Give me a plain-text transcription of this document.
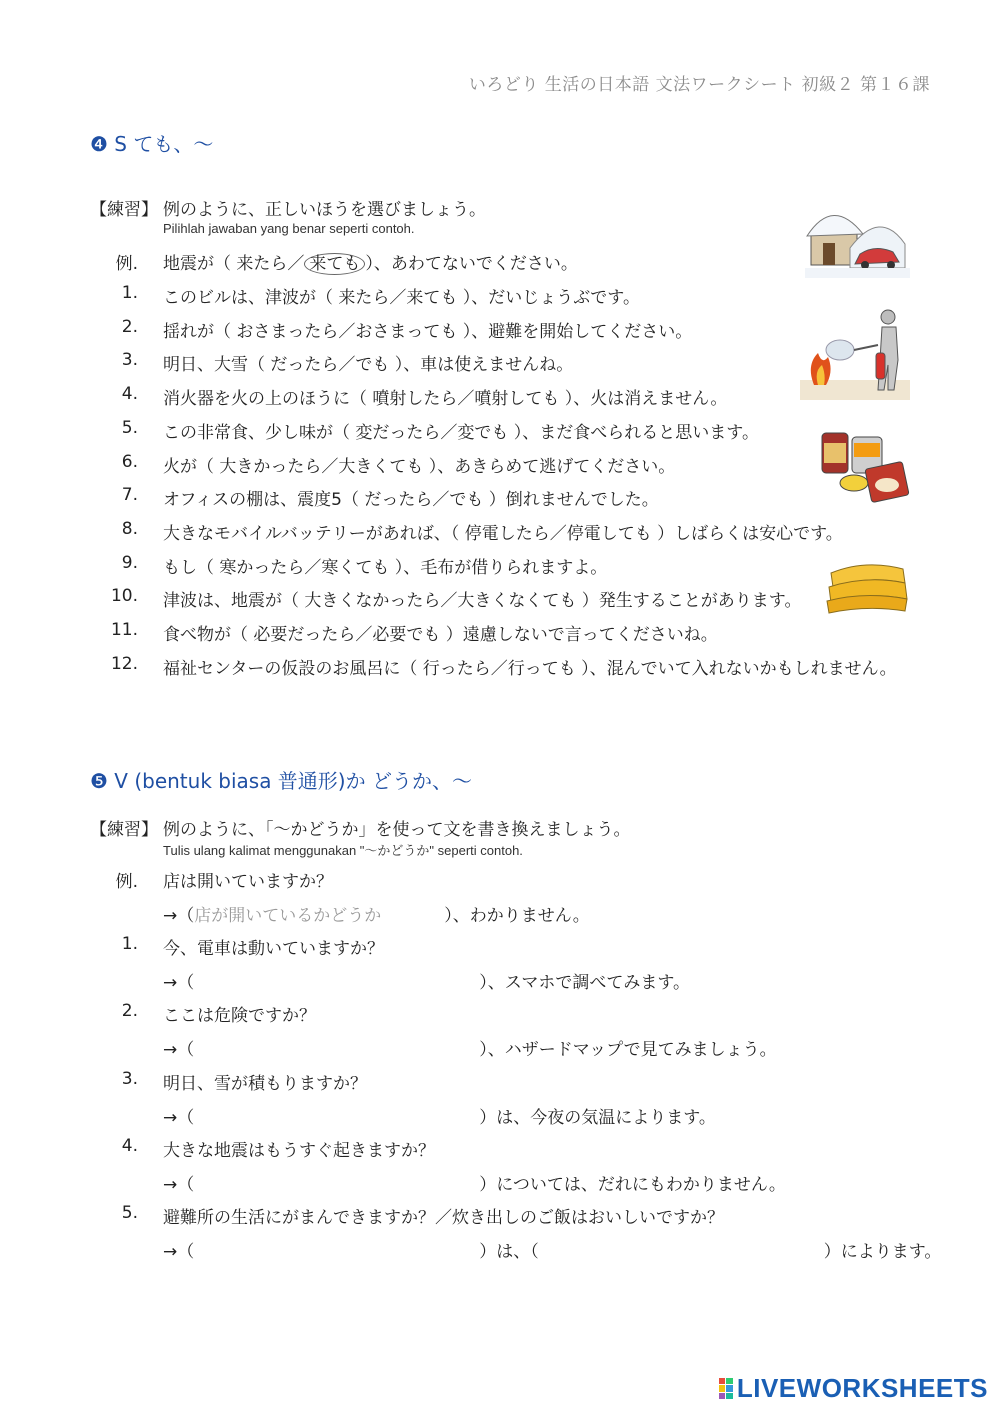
いろどり 生活の日本語 文法ワークシート 初級２ 第１６課
❹ S ても、～
【練習】 例のように、正しいほうを選びましょう。
Pilihlah jawaban yang benar seperti contoh.
例. 地震が（ 来たら／ 来ても ）、あわてないでください。
1. このビルは、津波が（ 来たら／来ても ）、だいじょうぶです。
2. 揺れが（ おさまったら／おさまっても ）、避難を開始してください。
3. 明日、大雪（ だったら／でも ）、車は使えませんね。
4. 消火器を火の上のほうに（ 噴射したら／噴射しても ）、火は消えません。
5. この非常食、少し味が（ 変だったら／変でも ）、まだ食べられると思います。
6. 火が（ 大きかったら／大きくても ）、あきらめて逃げてください。
7. オフィスの棚は、震度5（ だったら／でも ）倒れませんでした。
8. 大きなモバイルバッテリーがあれば、（ 停電したら／停電しても ）しばらくは安心です。
9. もし（ 寒かったら／寒くても ）、毛布が借りられますよ。
10. 津波は、地震が（ 大きくなかったら／大きくなくても ）発生することがあります。
11. 食べ物が（ 必要だったら／必要でも ）遠慮しないで言ってくださいね。
12. 福祉センターの仮設のお風呂に（ 行ったら／行っても ）、混んでいて入れないかもしれません。
❺ V (bentuk biasa 普通形)か どうか、～
【練習】 例のように、「～かどうか」を使って文を書き換えましょう。
Tulis ulang kalimat menggunakan "～かどうか" seperti contoh.
例. 店は開いていますか？
→（店が開いているかどうか	）、わかりません。
1. 今、電車は動いていますか？
→（	）、スマホで調べてみます。
2. ここは危険ですか？
→（	）、ハザードマップで見てみましょう。
3. 明日、雪が積もりますか？
→（	）は、今夜の気温によります。
4. 大きな地震はもうすぐ起きますか？
→（	）については、だれにもわかりません。
5. 避難所の生活にがまんできますか？／炊き出しのご飯はおいしいですか？
→（	）は、（	）によります。
LIVEWORKSHEETS
